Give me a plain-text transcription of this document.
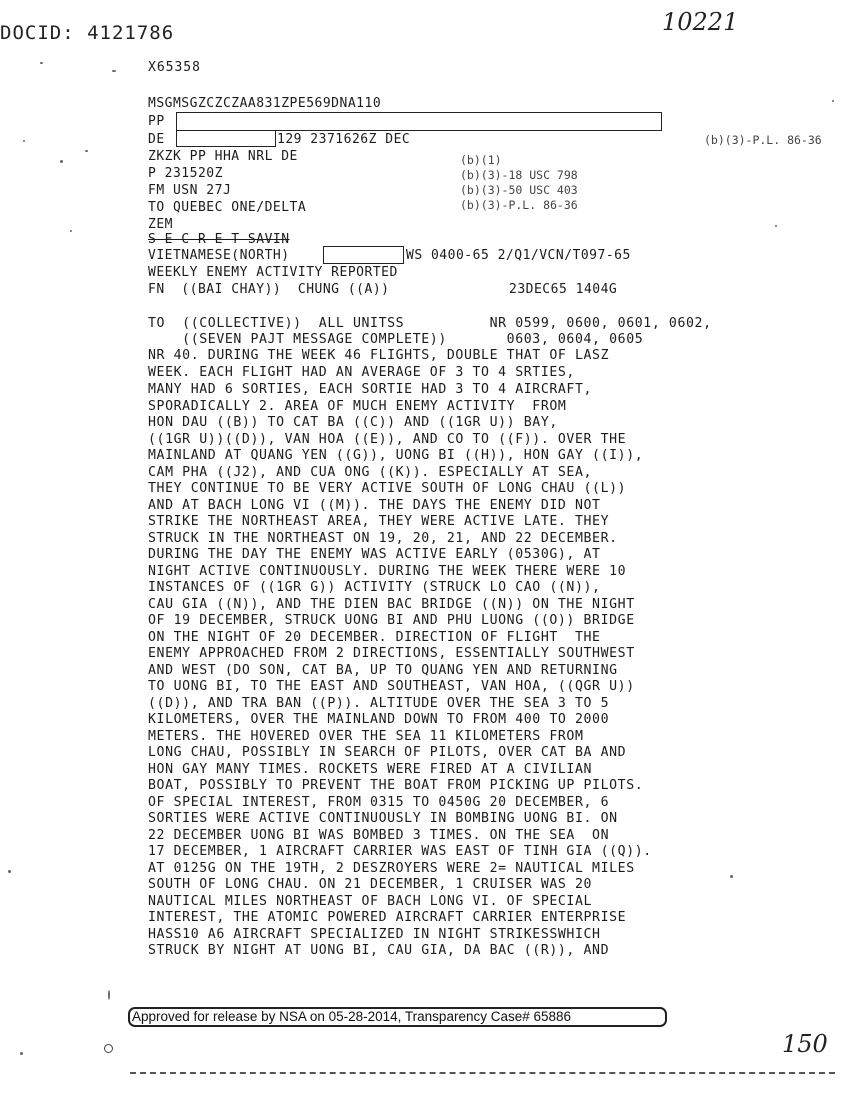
DOCID: 4121786	10221
X65358
MSGMSGZCZCZAA831ZPE569DNA110
PP
DE	129 2371626Z DEC	(b)(3)-P.L. 86-36
ZKZK PP HHA NRL DE
P 231520Z
FM USN 27J
TO QUEBEC ONE/DELTA
ZEM
(b)(1)
(b)(3)-18 USC 798
(b)(3)-50 USC 403
(b)(3)-P.L. 86-36
S E C R E T SAVIN
VIETNAMESE(NORTH)	WS 0400-65 2/Q1/VCN/T097-65
WEEKLY ENEMY ACTIVITY REPORTED
FN  ((BAI CHAY))  CHUNG ((A))	23DEC65 1404G
TO  ((COLLECTIVE))  ALL UNITSS          NR 0599, 0600, 0601, 0602,
((SEVEN PAJT MESSAGE COMPLETE))       0603, 0604, 0605
NR 40. DURING THE WEEK 46 FLIGHTS, DOUBLE THAT OF LASZ
WEEK. EACH FLIGHT HAD AN AVERAGE OF 3 TO 4 SRTIES,
MANY HAD 6 SORTIES, EACH SORTIE HAD 3 TO 4 AIRCRAFT,
SPORADICALLY 2. AREA OF MUCH ENEMY ACTIVITY  FROM
HON DAU ((B)) TO CAT BA ((C)) AND ((1GR U)) BAY,
((1GR U))((D)), VAN HOA ((E)), AND CO TO ((F)). OVER THE
MAINLAND AT QUANG YEN ((G)), UONG BI ((H)), HON GAY ((I)),
CAM PHA ((J2), AND CUA ONG ((K)). ESPECIALLY AT SEA,
THEY CONTINUE TO BE VERY ACTIVE SOUTH OF LONG CHAU ((L))
AND AT BACH LONG VI ((M)). THE DAYS THE ENEMY DID NOT
STRIKE THE NORTHEAST AREA, THEY WERE ACTIVE LATE. THEY
STRUCK IN THE NORTHEAST ON 19, 20, 21, AND 22 DECEMBER.
DURING THE DAY THE ENEMY WAS ACTIVE EARLY (0530G), AT
NIGHT ACTIVE CONTINUOUSLY. DURING THE WEEK THERE WERE 10
INSTANCES OF ((1GR G)) ACTIVITY (STRUCK LO CAO ((N)),
CAU GIA ((N)), AND THE DIEN BAC BRIDGE ((N)) ON THE NIGHT
OF 19 DECEMBER, STRUCK UONG BI AND PHU LUONG ((O)) BRIDGE
ON THE NIGHT OF 20 DECEMBER. DIRECTION OF FLIGHT  THE
ENEMY APPROACHED FROM 2 DIRECTIONS, ESSENTIALLY SOUTHWEST
AND WEST (DO SON, CAT BA, UP TO QUANG YEN AND RETURNING
TO UONG BI, TO THE EAST AND SOUTHEAST, VAN HOA, ((QGR U))
((D)), AND TRA BAN ((P)). ALTITUDE OVER THE SEA 3 TO 5
KILOMETERS, OVER THE MAINLAND DOWN TO FROM 400 TO 2000
METERS. THE HOVERED OVER THE SEA 11 KILOMETERS FROM
LONG CHAU, POSSIBLY IN SEARCH OF PILOTS, OVER CAT BA AND
HON GAY MANY TIMES. ROCKETS WERE FIRED AT A CIVILIAN
BOAT, POSSIBLY TO PREVENT THE BOAT FROM PICKING UP PILOTS.
OF SPECIAL INTEREST, FROM 0315 TO 0450G 20 DECEMBER, 6
SORTIES WERE ACTIVE CONTINUOUSLY IN BOMBING UONG BI. ON
22 DECEMBER UONG BI WAS BOMBED 3 TIMES. ON THE SEA  ON
17 DECEMBER, 1 AIRCRAFT CARRIER WAS EAST OF TINH GIA ((Q)).
AT 0125G ON THE 19TH, 2 DESZROYERS WERE 2= NAUTICAL MILES
SOUTH OF LONG CHAU. ON 21 DECEMBER, 1 CRUISER WAS 20
NAUTICAL MILES NORTHEAST OF BACH LONG VI. OF SPECIAL
INTEREST, THE ATOMIC POWERED AIRCRAFT CARRIER ENTERPRISE
HASS10 A6 AIRCRAFT SPECIALIZED IN NIGHT STRIKESSWHICH
STRUCK BY NIGHT AT UONG BI, CAU GIA, DA BAC ((R)), AND
Approved for release by NSA on 05-28-2014, Transparency Case# 65886
150
